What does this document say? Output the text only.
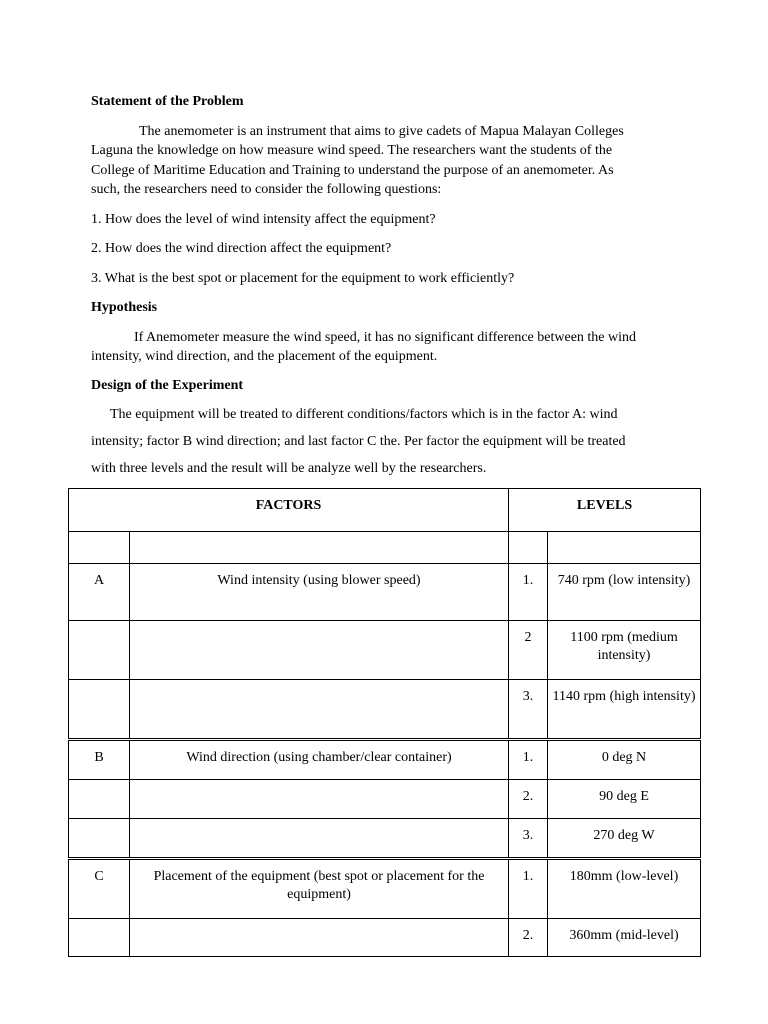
Statement of the Problem
The anemometer is an instrument that aims to give cadets of Mapua Malayan Colleges
Laguna the knowledge on how measure wind speed. The researchers want the students of the
College of Maritime Education and Training to understand the purpose of an anemometer. As
such, the researchers need to consider the following questions:
1. How does the level of wind intensity affect the equipment?
2. How does the wind direction affect the equipment?
3. What is the best spot or placement for the equipment to work efficiently?
Hypothesis
If Anemometer measure the wind speed, it has no significant difference between the wind
intensity, wind direction, and the placement of the equipment.
Design of the Experiment
The equipment will be treated to different conditions/factors which is in the factor A: wind
intensity; factor B wind direction; and last factor C the. Per factor the equipment will be treated
with three levels and the result will be analyze well by the researchers.
FACTORS		LEVELS	

A	Wind intensity (using blower speed)	1.	740 rpm (low intensity)
		2	1100 rpm (medium intensity)
		3.	1140 rpm (high intensity)
B	Wind direction (using chamber/clear container)	1.	0 deg N
		2.	90 deg E
		3.	270 deg W
C	Placement of the equipment (best spot or placement for the equipment)	1.	180mm (low-level)
		2.	360mm (mid-level)
